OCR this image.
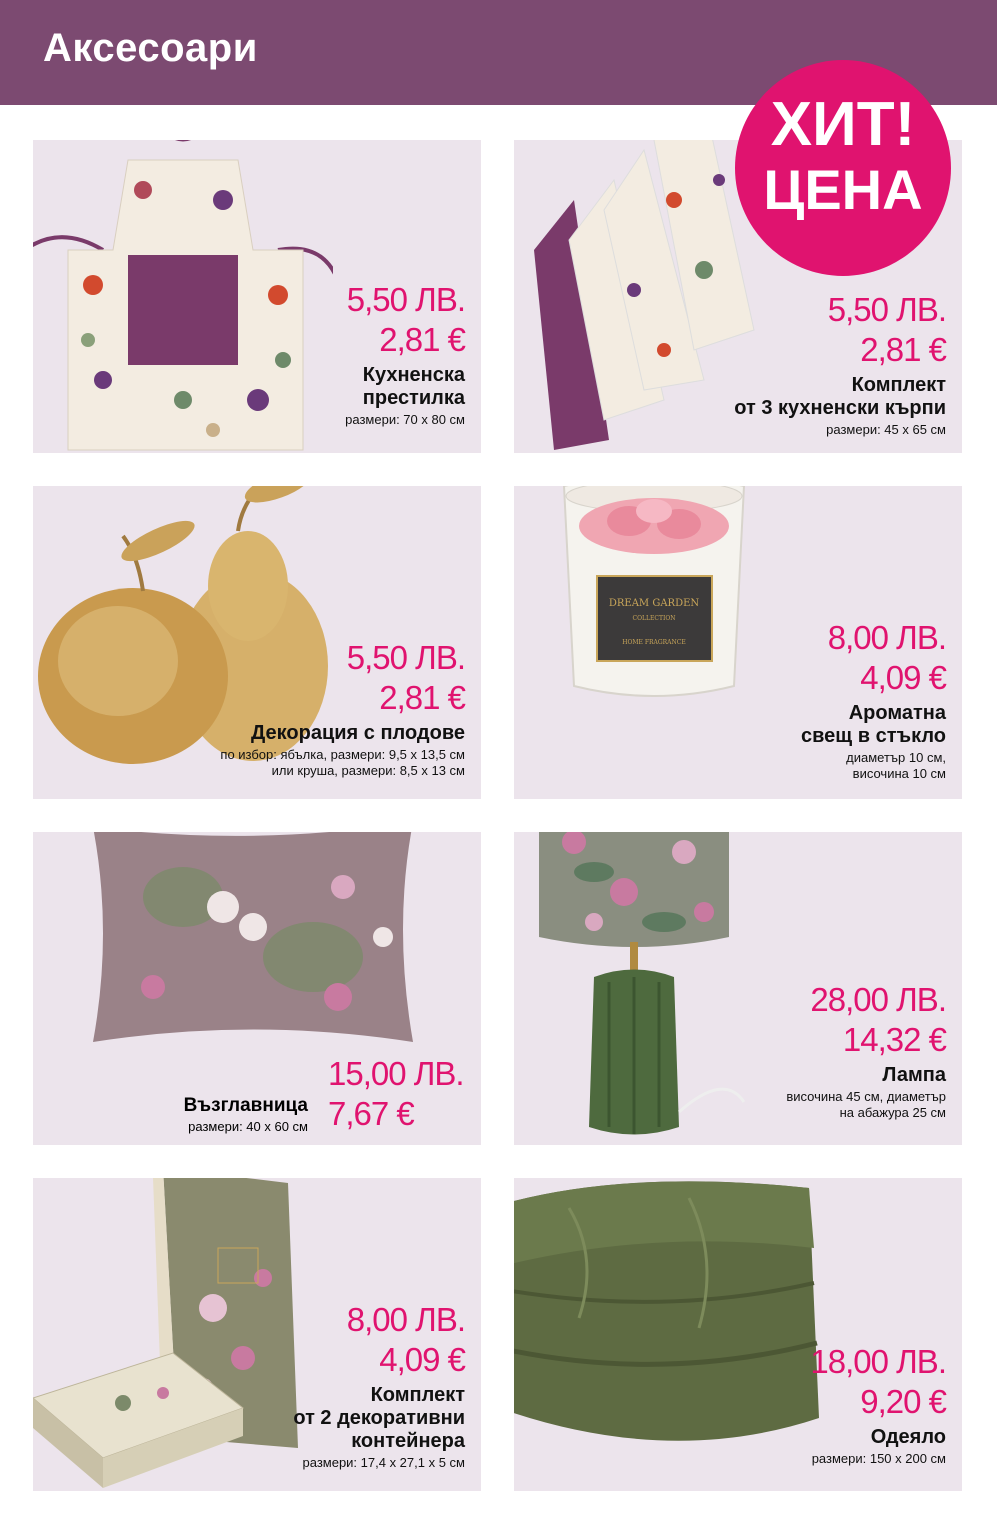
Аксесоари
5,50 ЛВ.
2,81 €
Кухненска
престилка
размери: 70 х 80 см
5,50 ЛВ.
2,81 €
Комплект
от 3 кухненски кърпи
размери: 45 х 65 см
ХИТ!
ЦЕНА
5,50 ЛВ.
2,81 €
Декорация с плодове
по избор: ябълка, размери: 9,5 х 13,5 см
или круша, размери: 8,5 х 13 см
DREAM GARDEN
COLLECTION
HOME FRAGRANCE	8,00 ЛВ.
4,09 €
Ароматна
свещ в стъкло
диаметър 10 см,
височина 10 см
Възглавница
размери: 40 х 60 см
15,00 ЛВ.
7,67 €
28,00 ЛВ.
14,32 €
Лампа
височина 45 см, диаметър
на абажура 25 см
8,00 ЛВ.
4,09 €
Комплект
от 2 декоративни
контейнера
размери: 17,4 х 27,1 х 5 см
18,00 ЛВ.
9,20 €
Одеяло
размери: 150 х 200 см
